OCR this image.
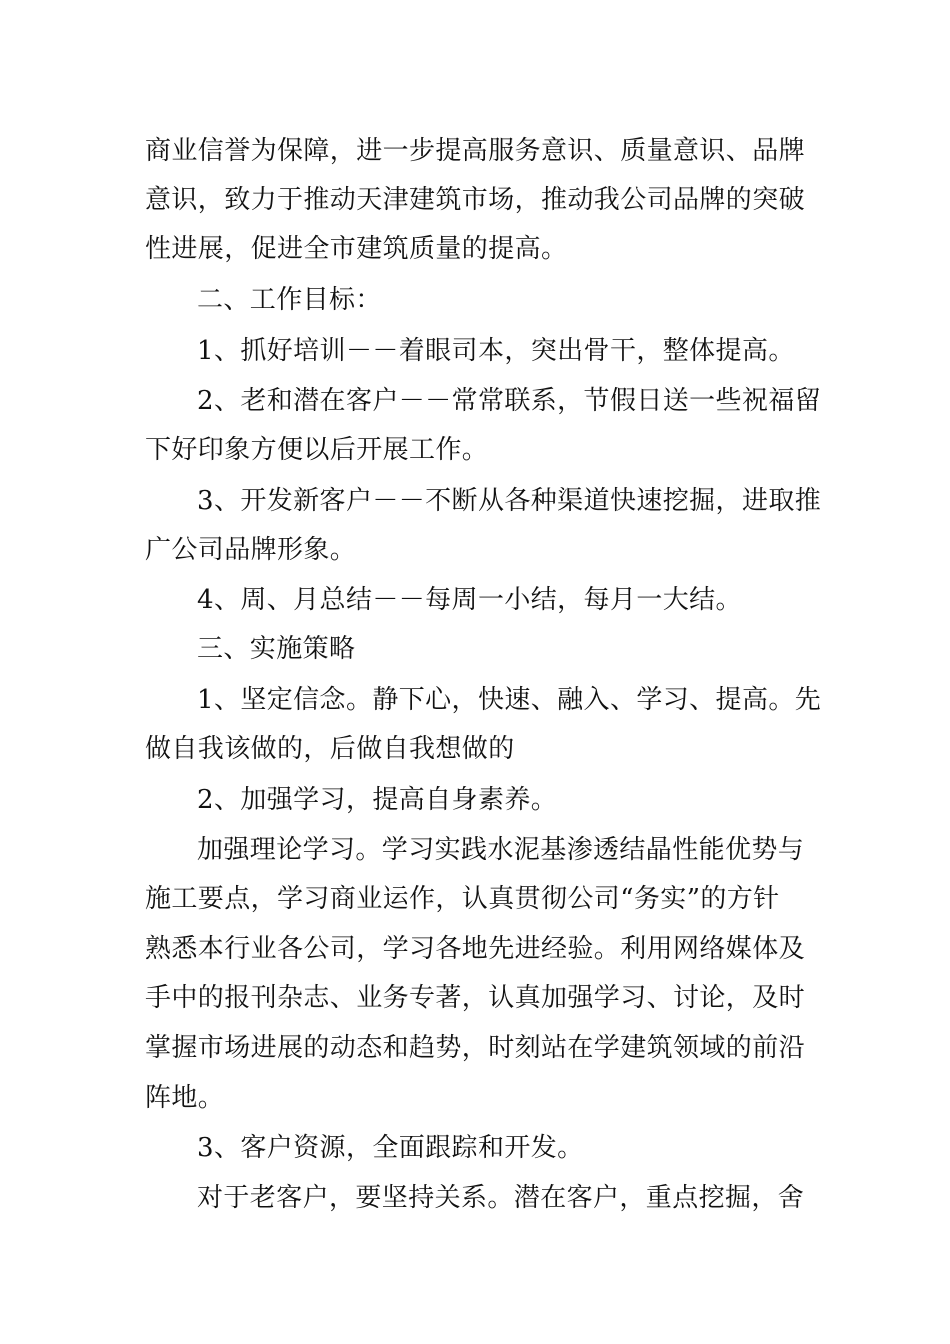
商业信誉为保障，进一步提高服务意识、质量意识、品牌
意识，致力于推动天津建筑市场，推动我公司品牌的突破
性进展，促进全市建筑质量的提高。
二、工作目标：
1、抓好培训－－着眼司本，突出骨干，整体提高。
2、老和潜在客户－－常常联系，节假日送一些祝福留
下好印象方便以后开展工作。
3、开发新客户－－不断从各种渠道快速挖掘，进取推
广公司品牌形象。
4、周、月总结－－每周一小结，每月一大结。
三、实施策略
1、坚定信念。静下心，快速、融入、学习、提高。先
做自我该做的，后做自我想做的
2、加强学习，提高自身素养。
加强理论学习。学习实践水泥基渗透结晶性能优势与
施工要点，学习商业运作，认真贯彻公司“务实”的方针
熟悉本行业各公司，学习各地先进经验。利用网络媒体及
手中的报刊杂志、业务专著，认真加强学习、讨论，及时
掌握市场进展的动态和趋势，时刻站在学建筑领域的前沿
阵地。
3、客户资源，全面跟踪和开发。
对于老客户，要坚持关系。潜在客户，重点挖掘，舍
